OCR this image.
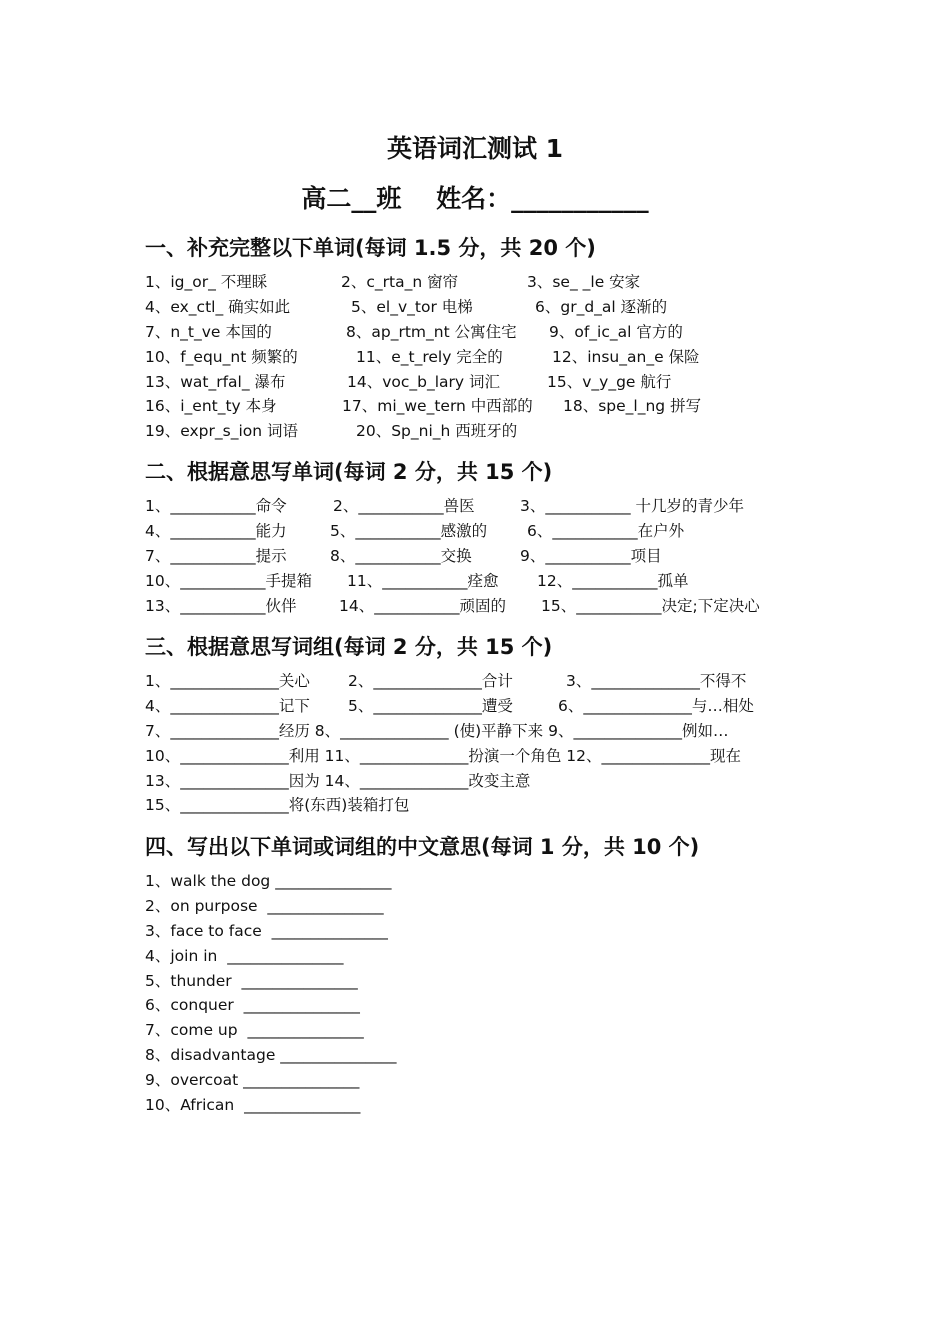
英语词汇测试 1
高二__班    姓名：___________
一、补充完整以下单词(每词 1.5 分，共 20 个)
1、ig_or_ 不理睬	2、c_rta_n 窗帘	3、se_ _le 安家
4、ex_ctl_ 确实如此	5、el_v_tor 电梯	6、gr_d_al 逐渐的
7、n_t_ve 本国的	8、ap_rtm_nt 公寓住宅 9、of_ic_al 官方的
10、f_equ_nt 频繁的	11、e_t_rely 完全的	12、insu_an_e 保险
13、wat_rfal_ 瀑布	14、voc_b_lary 词汇	15、v_y_ge 航行
16、i_ent_ty 本身	17、mi_we_tern 中西部的 18、spe_l_ng 拼写
19、expr_s_ion 词语	20、Sp_ni_h 西班牙的
二、根据意思写单词(每词 2 分，共 15 个)
1、___________命令	2、___________兽医	3、___________ 十几岁的青少年
4、___________能力	5、___________感激的	6、___________在户外
7、___________提示	8、___________交换	9、___________项目
10、___________手提箱 11、___________痊愈 12、___________孤单
13、___________伙伴	14、___________顽固的 15、___________决定;下定决心
三、根据意思写词组(每词 2 分，共 15 个)
1、______________关心 2、______________合计	3、______________不得不
4、______________记下 5、______________遭受	6、______________与…相处
7、______________经历 8、______________ (使)平静下来 9、______________例如…
10、______________利用 11、______________扮演一个角色 12、______________现在
13、______________因为 14、______________改变主意
15、______________将(东西)装箱打包
四、写出以下单词或词组的中文意思(每词 1 分，共 10 个)
1、walk the dog _______________
2、on purpose  _______________
3、face to face  _______________
4、join in  _______________
5、thunder  _______________
6、conquer  _______________
7、come up  _______________
8、disadvantage _______________
9、overcoat _______________
10、African  _______________
